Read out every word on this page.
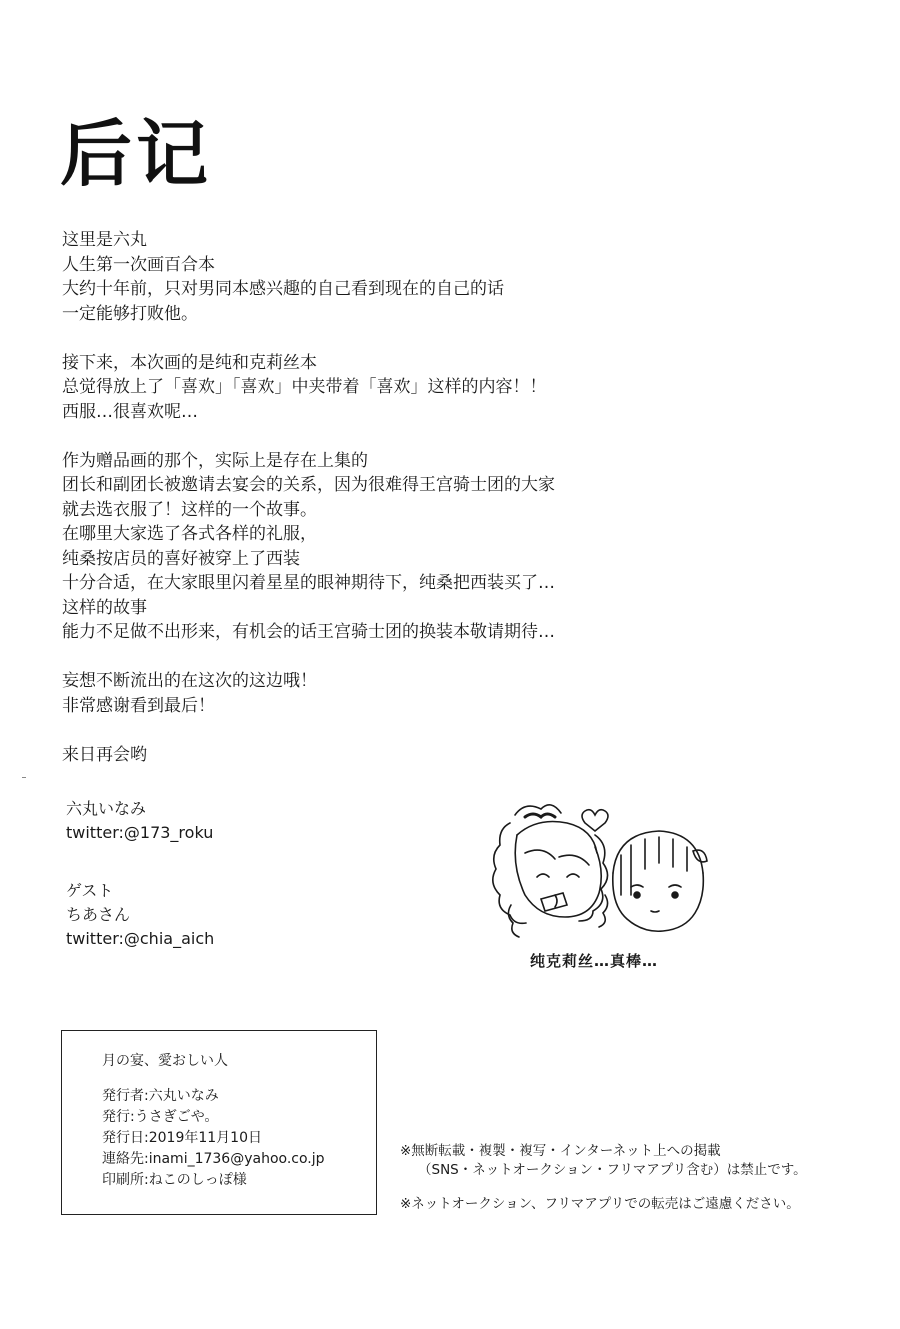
后记
这里是六丸
人生第一次画百合本
大约十年前，只对男同本感兴趣的自己看到现在的自己的话
一定能够打败他。
接下来，本次画的是纯和克莉丝本
总觉得放上了「喜欢」「喜欢」中夹带着「喜欢」这样的内容！！
西服…很喜欢呢…
作为赠品画的那个，实际上是存在上集的
团长和副团长被邀请去宴会的关系，因为很难得王宫骑士团的大家
就去选衣服了！这样的一个故事。
在哪里大家选了各式各样的礼服，
纯桑按店员的喜好被穿上了西装
十分合适，在大家眼里闪着星星的眼神期待下，纯桑把西装买了…
这样的故事
能力不足做不出形来，有机会的话王宫骑士团的换装本敬请期待…
妄想不断流出的在这次的这边哦！
非常感谢看到最后！
来日再会哟
六丸いなみ
twitter:@173_roku
ゲスト
ちあさん
twitter:@chia_aich
纯克莉丝…真棒…
月の宴、愛おしい人
発行者:六丸いなみ
発行:うさぎごや。
発行日:2019年11月10日
連絡先:inami_1736@yahoo.co.jp
印刷所:ねこのしっぽ様
※無断転載・複製・複写・インターネット上への掲載
（SNS・ネットオークション・フリマアプリ含む）は禁止です。
※ネットオークション、フリマアプリでの転売はご遠慮ください。
